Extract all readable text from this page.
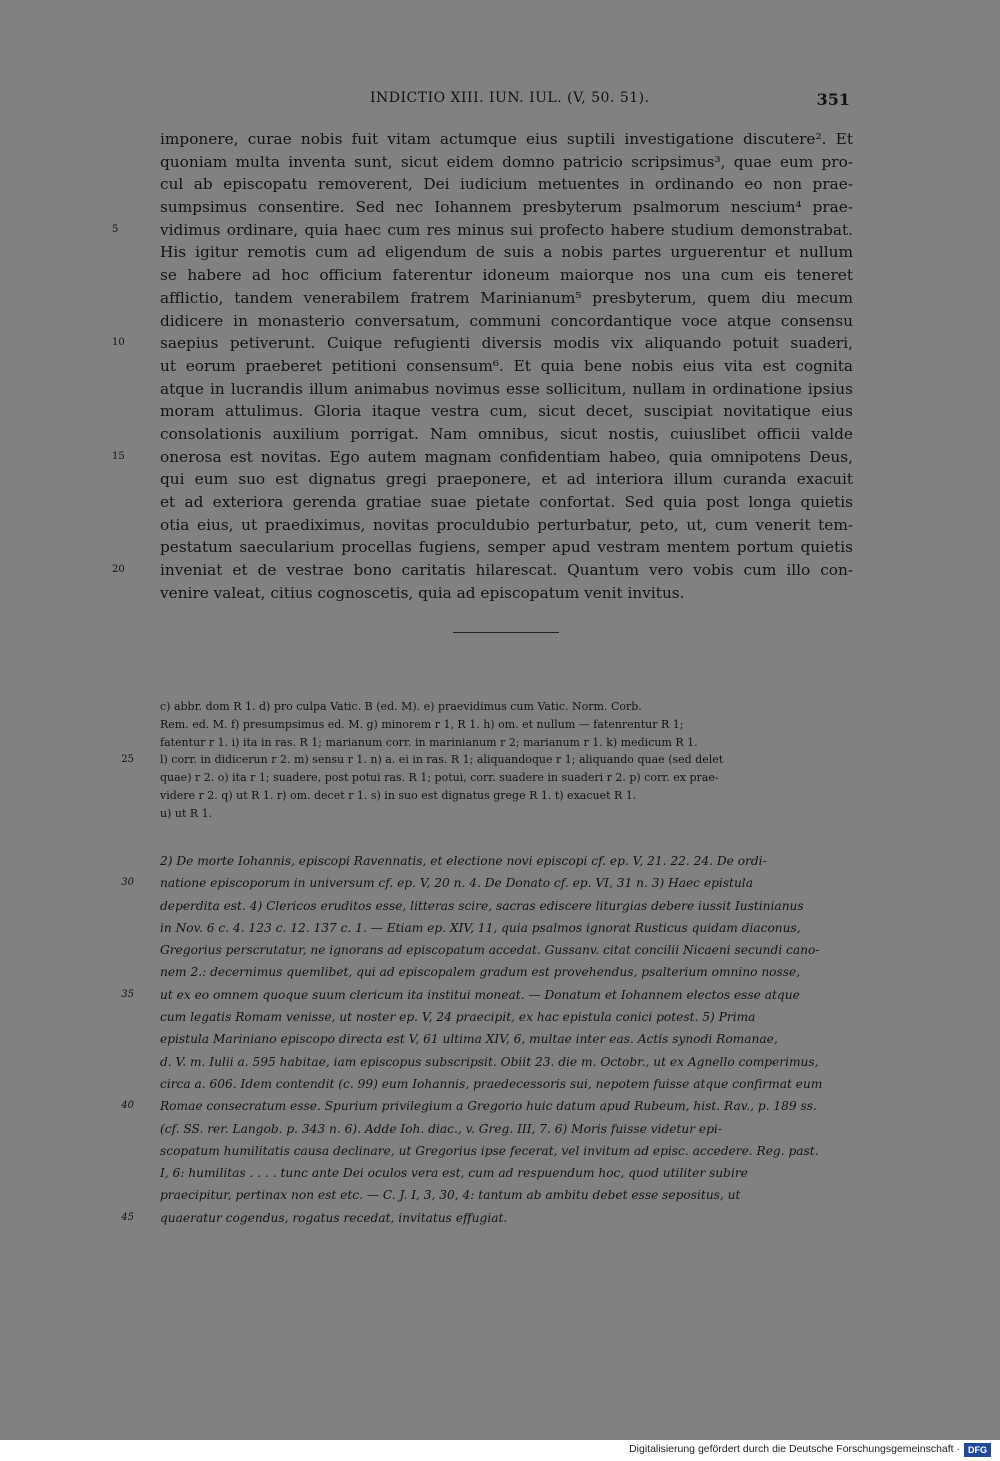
INDICTIO XIII. IUN. IUL. (V, 50. 51).	351
imponere, curae nobis fuit vitam actumque eius suptili investigatione discutere². Et
quoniam multa inventa sunt, sicut eidem domno patricio scripsimus³, quae eum pro-
cul ab episcopatu removerent, Dei iudicium metuentes in ordinando eo non prae-
sumpsimus consentire. Sed nec Iohannem presbyterum psalmorum nescium⁴ prae-
5	vidimus ordinare, quia haec cum res minus sui profecto habere studium demonstrabat.
His igitur remotis cum ad eligendum de suis a nobis partes urguerentur et nullum
se habere ad hoc officium faterentur idoneum maiorque nos una cum eis teneret
afflictio, tandem venerabilem fratrem Marinianum⁵ presbyterum, quem diu mecum
didicere in monasterio conversatum, communi concordantique voce atque consensu
10	saepius petiverunt. Cuique refugienti diversis modis vix aliquando potuit suaderi,
ut eorum praeberet petitioni consensum⁶. Et quia bene nobis eius vita est cognita
atque in lucrandis illum animabus novimus esse sollicitum, nullam in ordinatione ipsius
moram attulimus. Gloria itaque vestra cum, sicut decet, suscipiat novitatique eius
consolationis auxilium porrigat. Nam omnibus, sicut nostis, cuiuslibet officii valde
15	onerosa est novitas. Ego autem magnam confidentiam habeo, quia omnipotens Deus,
qui eum suo est dignatus gregi praeponere, et ad interiora illum curanda exacuit
et ad exteriora gerenda gratiae suae pietate confortat. Sed quia post longa quietis
otia eius, ut praediximus, novitas proculdubio perturbatur, peto, ut, cum venerit tem-
pestatum saecularium procellas fugiens, semper apud vestram mentem portum quietis
20	inveniat et de vestrae bono caritatis hilarescat. Quantum vero vobis cum illo con-
venire valeat, citius cognoscetis, quia ad episcopatum venit invitus.
c) abbr. dom R 1. d) pro culpa Vatic. B (ed. M). e) praevidimus cum Vatic. Norm. Corb.
Rem. ed. M. f) presumpsimus ed. M. g) minorem r 1, R 1. h) om. et nullum — fatenrentur R 1;
fatentur r 1. i) ita in ras. R 1; marianum corr. in marinianum r 2; marianum r 1. k) medicum R 1.
25 l) corr. in didicerun r 2. m) sensu r 1. n) a. ei in ras. R 1; aliquandoque r 1; aliquando quae (sed delet
quae) r 2. o) ita r 1; suadere, post potui ras. R 1; potui, corr. suadere in suaderi r 2. p) corr. ex prae-
videre r 2. q) ut R 1. r) om. decet r 1. s) in suo est dignatus grege R 1. t) exacuet R 1.
u) ut R 1.
2) De morte Iohannis, episcopi Ravennatis, et electione novi episcopi cf. ep. V, 21. 22. 24. De ordi-
30 natione episcoporum in universum cf. ep. V, 20 n. 4. De Donato cf. ep. VI, 31 n. 3) Haec epistula
deperdita est. 4) Clericos eruditos esse, litteras scire, sacras ediscere liturgias debere iussit Iustinianus
in Nov. 6 c. 4. 123 c. 12. 137 c. 1. — Etiam ep. XIV, 11, quia psalmos ignorat Rusticus quidam diaconus,
Gregorius perscrutatur, ne ignorans ad episcopatum accedat. Gussanv. citat concilii Nicaeni secundi cano-
nem 2.: decernimus quemlibet, qui ad episcopalem gradum est provehendus, psalterium omnino nosse,
35 ut ex eo omnem quoque suum clericum ita institui moneat. — Donatum et Iohannem electos esse atque
cum legatis Romam venisse, ut noster ep. V, 24 praecipit, ex hac epistula conici potest. 5) Prima
epistula Mariniano episcopo directa est V, 61 ultima XIV, 6, multae inter eas. Actis synodi Romanae,
d. V. m. Iulii a. 595 habitae, iam episcopus subscripsit. Obiit 23. die m. Octobr., ut ex Agnello comperimus,
circa a. 606. Idem contendit (c. 99) eum Iohannis, praedecessoris sui, nepotem fuisse atque confirmat eum
40 Romae consecratum esse. Spurium privilegium a Gregorio huic datum apud Rubeum, hist. Rav., p. 189 ss.
(cf. SS. rer. Langob. p. 343 n. 6). Adde Ioh. diac., v. Greg. III, 7. 6) Moris fuisse videtur epi-
scopatum humilitatis causa declinare, ut Gregorius ipse fecerat, vel invitum ad episc. accedere. Reg. past.
I, 6: humilitas . . . . tunc ante Dei oculos vera est, cum ad respuendum hoc, quod utiliter subire
praecipitur, pertinax non est etc. — C. J. I, 3, 30, 4: tantum ab ambitu debet esse sepositus, ut
45 quaeratur cogendus, rogatus recedat, invitatus effugiat.
Digitalisierung gefördert durch die Deutsche Forschungsgemeinschaft · DFG
